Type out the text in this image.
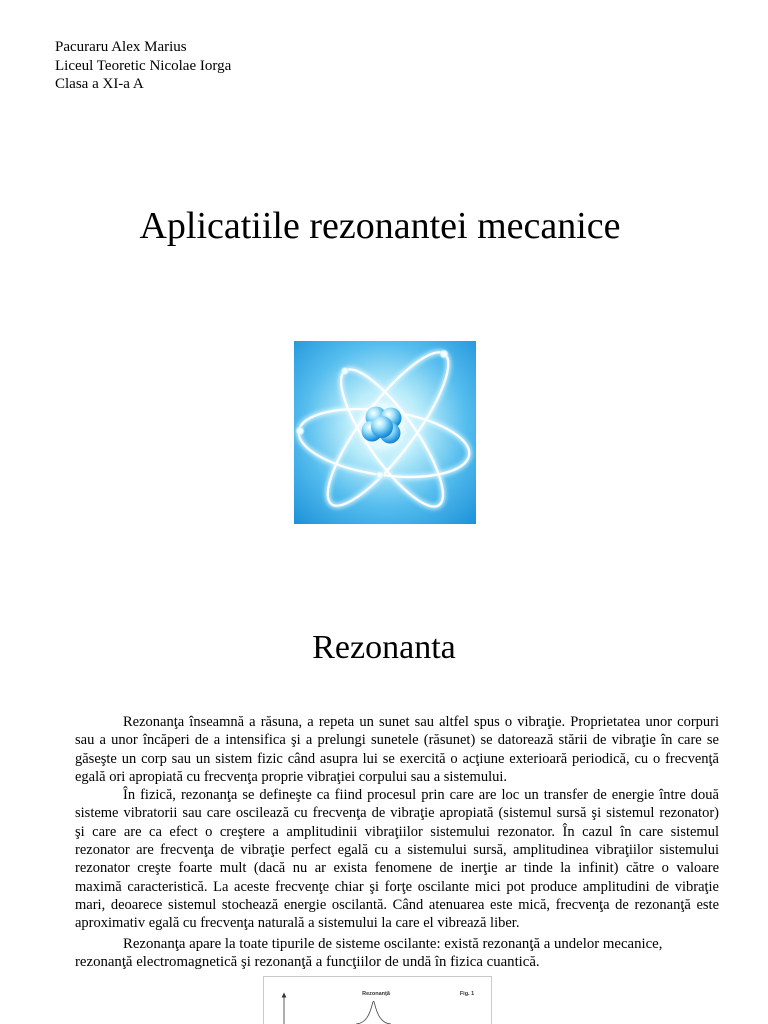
Pacuraru Alex Marius
Liceul Teoretic Nicolae Iorga
Clasa a XI-a A
Aplicatiile rezonantei mecanice
Rezonanta

Rezonanţa înseamnă a răsuna, a repeta un sunet sau altfel spus o vibraţie. Proprietatea unor corpuri
sau a unor încăperi de a intensifica şi a prelungi sunetele (răsunet) se datorează stării de vibraţie în care se
găseşte un corp sau un sistem fizic când asupra lui se exercită o acţiune exterioară periodică, cu o frecvenţă
egală ori apropiată cu frecvenţa proprie vibraţiei corpului sau a sistemului.

În fizică, rezonanţa se defineşte ca fiind procesul prin care are loc un transfer de energie între două
sisteme vibratorii sau care oscilează cu frecvenţa de vibraţie apropiată (sistemul sursă şi sistemul rezonator)
şi care are ca efect o creştere a amplitudinii vibraţiilor sistemului rezonator. În cazul în care sistemul
rezonator are frecvenţa de vibraţie perfect egală cu a sistemului sursă, amplitudinea vibraţiilor sistemului
rezonator creşte foarte mult (dacă nu ar exista fenomene de inerţie ar tinde la infinit) către o valoare
maximă caracteristică. La aceste frecvenţe chiar şi forţe oscilante mici pot produce amplitudini de vibraţie
mari, deoarece sistemul stochează energie oscilantă. Când atenuarea este mică, frecvenţa de rezonanţă este
aproximativ egală cu frecvenţa naturală a sistemului la care el vibrează liber.

Rezonanţa apare la toate tipurile de sisteme oscilante: există rezonanţă a undelor mecanice,
rezonanţă electromagnetică şi rezonanţă a funcţiilor de undă în fizica cuantică.

Rezonanţă	Fig. 1
